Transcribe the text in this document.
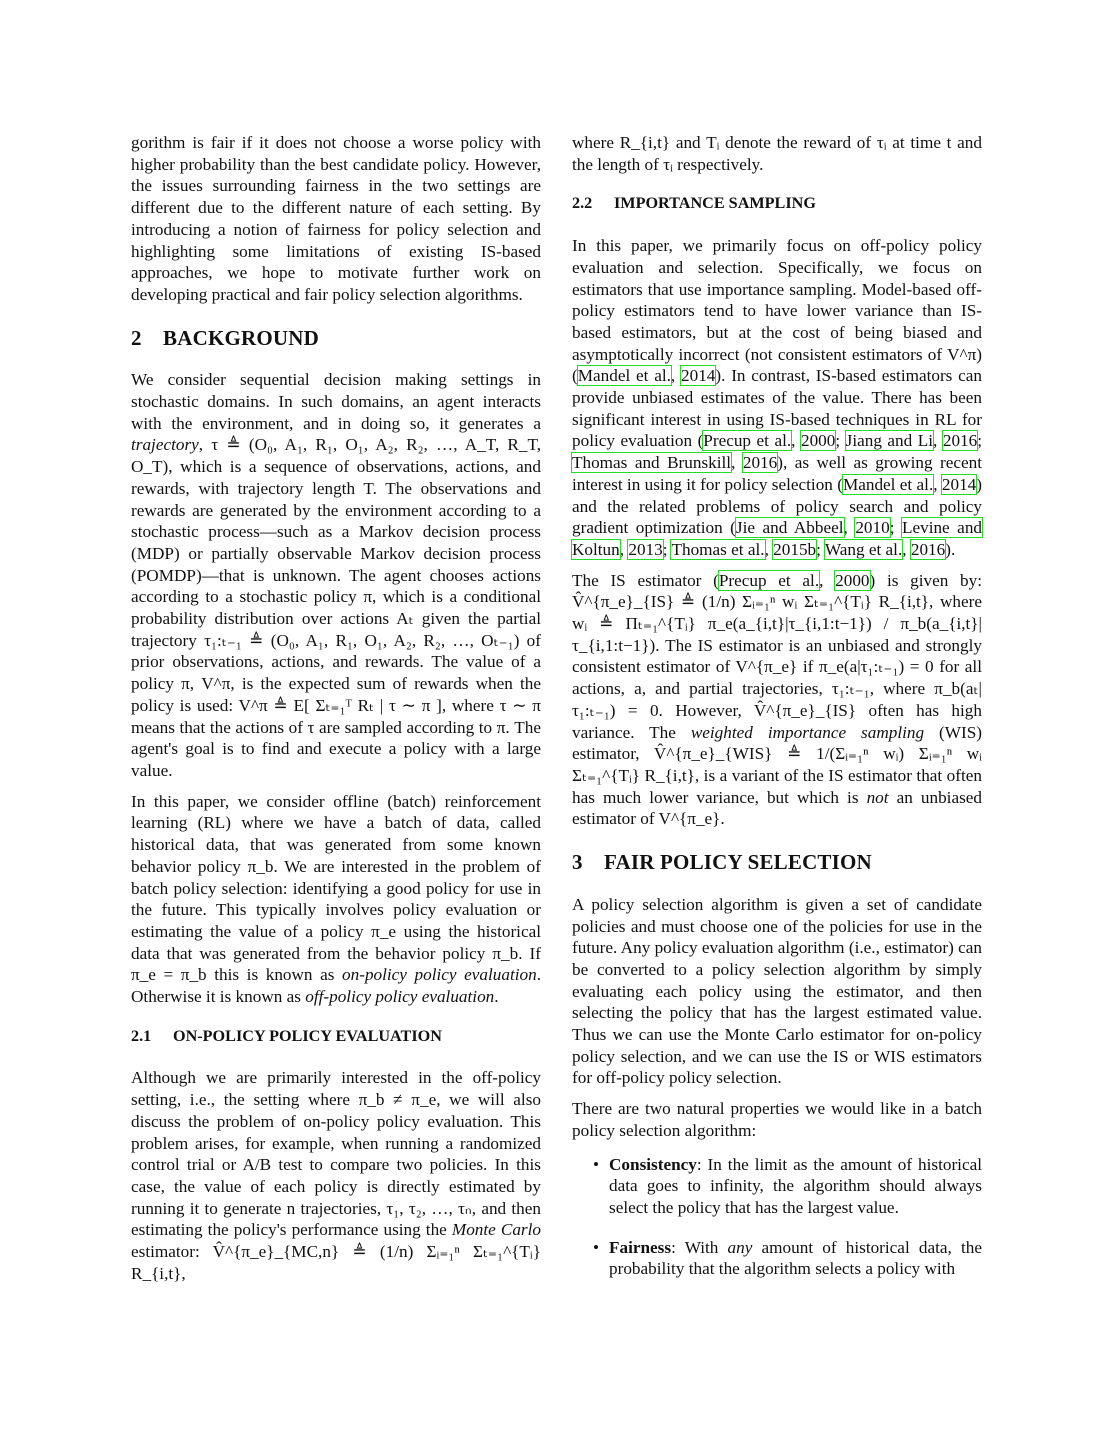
gorithm is fair if it does not choose a worse policy with higher probability than the best candidate policy. However, the issues surrounding fairness in the two settings are different due to the different nature of each setting. By introducing a notion of fairness for policy selection and highlighting some limitations of existing IS-based approaches, we hope to motivate further work on developing practical and fair policy selection algorithms.

2 BACKGROUND

We consider sequential decision making settings in stochastic domains. In such domains, an agent interacts with the environment, and in doing so, it generates a trajectory, τ ≜ (O₀, A₁, R₁, O₁, A₂, R₂, …, A_T, R_T, O_T), which is a sequence of observations, actions, and rewards, with trajectory length T. The observations and rewards are generated by the environment according to a stochastic process—such as a Markov decision process (MDP) or partially observable Markov decision process (POMDP)—that is unknown. The agent chooses actions according to a stochastic policy π, which is a conditional probability distribution over actions Aₜ given the partial trajectory τ₁:ₜ₋₁ ≜ (O₀, A₁, R₁, O₁, A₂, R₂, …, Oₜ₋₁) of prior observations, actions, and rewards. The value of a policy π, V^π, is the expected sum of rewards when the policy is used: V^π ≜ E[ Σₜ₌₁ᵀ Rₜ | τ ∼ π ], where τ ∼ π means that the actions of τ are sampled according to π. The agent's goal is to find and execute a policy with a large value.

In this paper, we consider offline (batch) reinforcement learning (RL) where we have a batch of data, called historical data, that was generated from some known behavior policy π_b. We are interested in the problem of batch policy selection: identifying a good policy for use in the future. This typically involves policy evaluation or estimating the value of a policy π_e using the historical data that was generated from the behavior policy π_b. If π_e = π_b this is known as on-policy policy evaluation. Otherwise it is known as off-policy policy evaluation.

2.1 ON-POLICY POLICY EVALUATION

Although we are primarily interested in the off-policy setting, i.e., the setting where π_b ≠ π_e, we will also discuss the problem of on-policy policy evaluation. This problem arises, for example, when running a randomized control trial or A/B test to compare two policies. In this case, the value of each policy is directly estimated by running it to generate n trajectories, τ₁, τ₂, …, τₙ, and then estimating the policy's performance using the Monte Carlo estimator: V̂^{π_e}_{MC,n} ≜ (1/n) Σᵢ₌₁ⁿ Σₜ₌₁^{Tᵢ} R_{i,t},

where R_{i,t} and Tᵢ denote the reward of τᵢ at time t and the length of τᵢ respectively.

2.2 IMPORTANCE SAMPLING

In this paper, we primarily focus on off-policy policy evaluation and selection. Specifically, we focus on estimators that use importance sampling. Model-based off-policy estimators tend to have lower variance than IS-based estimators, but at the cost of being biased and asymptotically incorrect (not consistent estimators of V^π) (Mandel et al., 2014). In contrast, IS-based estimators can provide unbiased estimates of the value. There has been significant interest in using IS-based techniques in RL for policy evaluation (Precup et al., 2000; Jiang and Li, 2016; Thomas and Brunskill, 2016), as well as growing recent interest in using it for policy selection (Mandel et al., 2014) and the related problems of policy search and policy gradient optimization (Jie and Abbeel, 2010; Levine and Koltun, 2013; Thomas et al., 2015b; Wang et al., 2016).

The IS estimator (Precup et al., 2000) is given by: V̂^{π_e}_{IS} ≜ (1/n) Σᵢ₌₁ⁿ wᵢ Σₜ₌₁^{Tᵢ} R_{i,t}, where wᵢ ≜ Πₜ₌₁^{Tᵢ} π_e(a_{i,t}|τ_{i,1:t−1}) / π_b(a_{i,t}|τ_{i,1:t−1}). The IS estimator is an unbiased and strongly consistent estimator of V^{π_e} if π_e(a|τ₁:ₜ₋₁) = 0 for all actions, a, and partial trajectories, τ₁:ₜ₋₁, where π_b(aₜ|τ₁:ₜ₋₁) = 0. However, V̂^{π_e}_{IS} often has high variance. The weighted importance sampling (WIS) estimator, V̂^{π_e}_{WIS} ≜ 1/(Σᵢ₌₁ⁿ wᵢ) Σᵢ₌₁ⁿ wᵢ Σₜ₌₁^{Tᵢ} R_{i,t}, is a variant of the IS estimator that often has much lower variance, but which is not an unbiased estimator of V^{π_e}.

3 FAIR POLICY SELECTION

A policy selection algorithm is given a set of candidate policies and must choose one of the policies for use in the future. Any policy evaluation algorithm (i.e., estimator) can be converted to a policy selection algorithm by simply evaluating each policy using the estimator, and then selecting the policy that has the largest estimated value. Thus we can use the Monte Carlo estimator for on-policy policy selection, and we can use the IS or WIS estimators for off-policy policy selection.

There are two natural properties we would like in a batch policy selection algorithm:

• Consistency: In the limit as the amount of historical data goes to infinity, the algorithm should always select the policy that has the largest value.
• Fairness: With any amount of historical data, the probability that the algorithm selects a policy with
